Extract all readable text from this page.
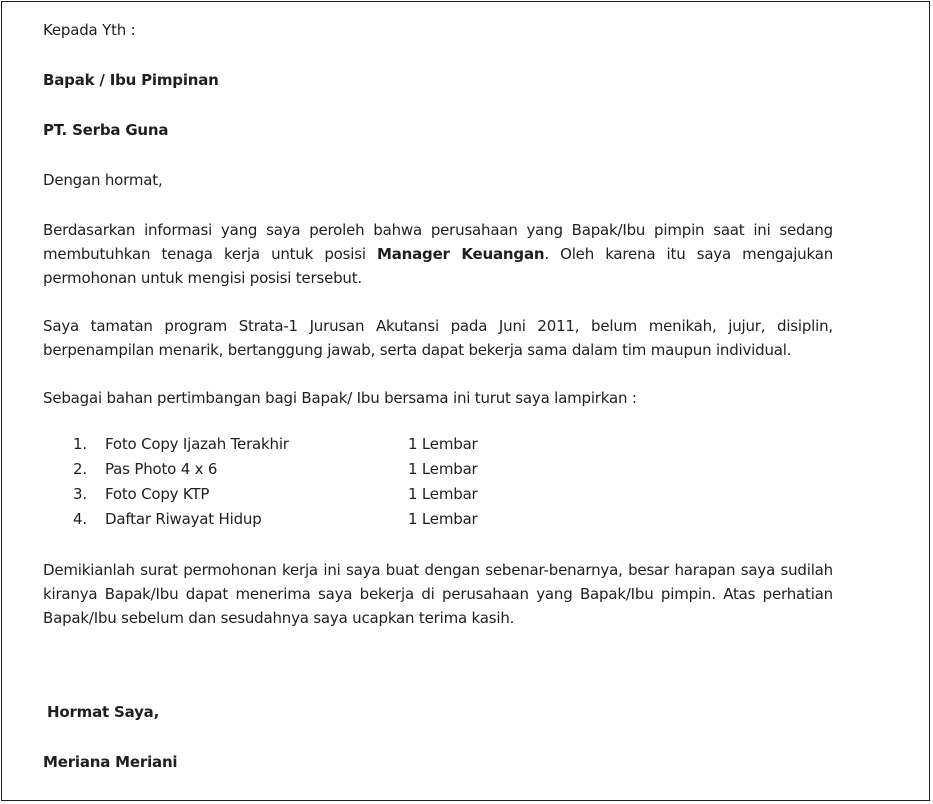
Kepada Yth :

Bapak / Ibu Pimpinan

PT. Serba Guna

Dengan hormat,

Berdasarkan informasi yang saya peroleh bahwa perusahaan yang Bapak/Ibu pimpin saat ini sedang membutuhkan tenaga kerja untuk posisi Manager Keuangan. Oleh karena itu saya mengajukan permohonan untuk mengisi posisi tersebut.

Saya tamatan program Strata-1 Jurusan Akutansi pada Juni 2011, belum menikah, jujur, disiplin, berpenampilan menarik, bertanggung jawab, serta dapat bekerja sama dalam tim maupun individual.

Sebagai bahan pertimbangan bagi Bapak/ Ibu bersama ini turut saya lampirkan :

1.	Foto Copy Ijazah Terakhir	1 Lembar
2.	Pas Photo 4 x 6	1 Lembar
3.	Foto Copy KTP	1 Lembar
4.	Daftar Riwayat Hidup	1 Lembar

Demikianlah surat permohonan kerja ini saya buat dengan sebenar-benarnya, besar harapan saya sudilah kiranya Bapak/Ibu dapat menerima saya bekerja di perusahaan yang Bapak/Ibu pimpin. Atas perhatian Bapak/Ibu sebelum dan sesudahnya saya ucapkan terima kasih.

Hormat Saya,

Meriana Meriani
